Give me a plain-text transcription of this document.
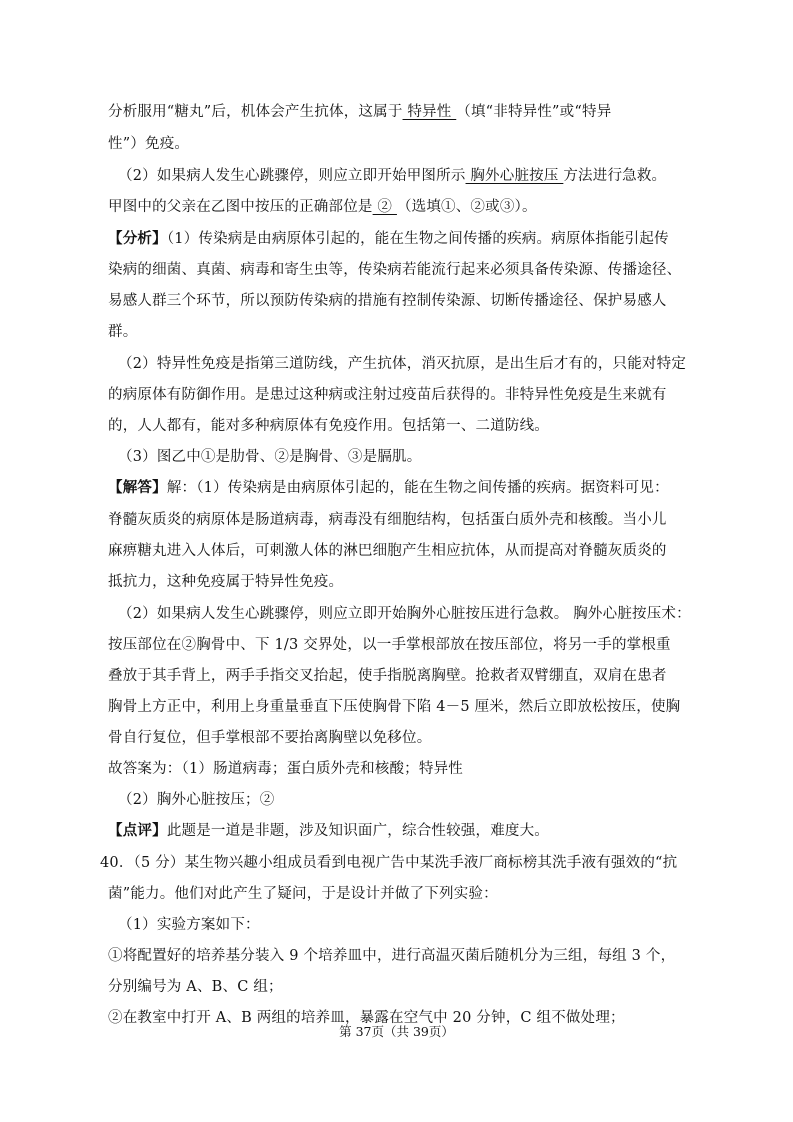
分析服用“糖丸”后，机体会产生抗体，这属于 特异性 （填“非特异性”或“特异
性”）免疫。
（2）如果病人发生心跳骤停，则应立即开始甲图所示 胸外心脏按压 方法进行急救。
甲图中的父亲在乙图中按压的正确部位是 ② （选填①、②或③）。
【分析】（1）传染病是由病原体引起的，能在生物之间传播的疾病。病原体指能引起传
染病的细菌、真菌、病毒和寄生虫等，传染病若能流行起来必须具备传染源、传播途径、
易感人群三个环节，所以预防传染病的措施有控制传染源、切断传播途径、保护易感人
群。
（2）特异性免疫是指第三道防线，产生抗体，消灭抗原，是出生后才有的，只能对特定
的病原体有防御作用。是患过这种病或注射过疫苗后获得的。非特异性免疫是生来就有
的，人人都有，能对多种病原体有免疫作用。包括第一、二道防线。
（3）图乙中①是肋骨、②是胸骨、③是膈肌。
【解答】解：（1）传染病是由病原体引起的，能在生物之间传播的疾病。据资料可见：
脊髓灰质炎的病原体是肠道病毒，病毒没有细胞结构，包括蛋白质外壳和核酸。当小儿
麻痹糖丸进入人体后，可刺激人体的淋巴细胞产生相应抗体，从而提高对脊髓灰质炎的
抵抗力，这种免疫属于特异性免疫。
（2）如果病人发生心跳骤停，则应立即开始胸外心脏按压进行急救。 胸外心脏按压术：
按压部位在②胸骨中、下 1/3 交界处，以一手掌根部放在按压部位，将另一手的掌根重
叠放于其手背上，两手手指交叉抬起，使手指脱离胸壁。抢救者双臂绷直，双肩在患者
胸骨上方正中，利用上身重量垂直下压使胸骨下陷 4－5 厘米，然后立即放松按压，使胸
骨自行复位，但手掌根部不要抬离胸壁以免移位。
故答案为：（1）肠道病毒；蛋白质外壳和核酸；特异性
（2）胸外心脏按压；②
【点评】此题是一道是非题，涉及知识面广，综合性较强，难度大。
40．（5 分）某生物兴趣小组成员看到电视广告中某洗手液厂商标榜其洗手液有强效的“抗
菌”能力。他们对此产生了疑问，于是设计并做了下列实验：
（1）实验方案如下：
①将配置好的培养基分装入 9 个培养皿中，进行高温灭菌后随机分为三组，每组 3 个，
分别编号为 A、B、C 组；
②在教室中打开 A、B 两组的培养皿，暴露在空气中 20 分钟，C 组不做处理；
第 37页（共 39页）
